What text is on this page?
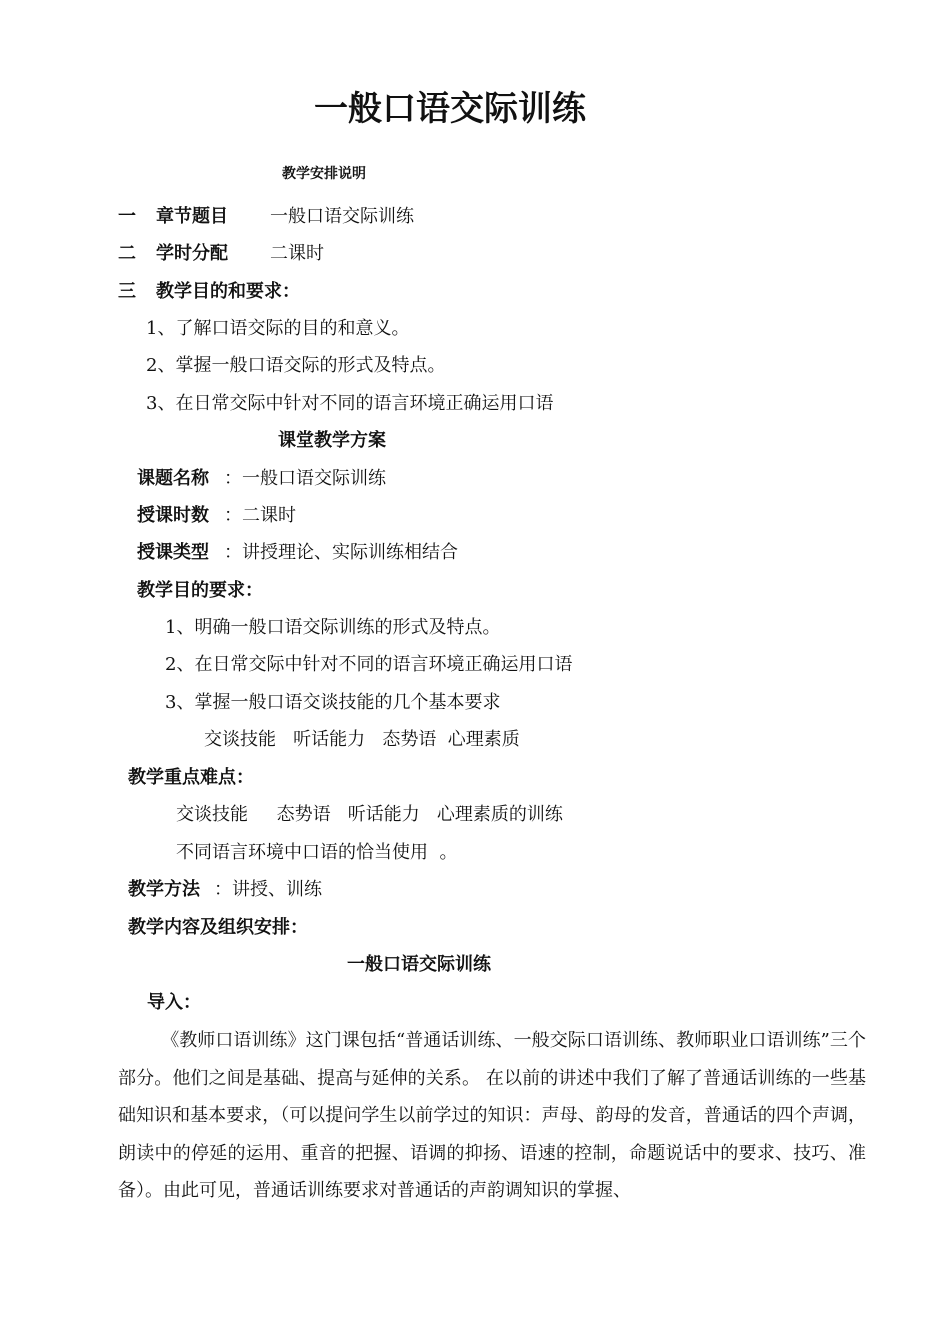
一般口语交际训练
教学安排说明
一 章节题目 一般口语交际训练
二 学时分配 二课时
三 教学目的和要求：
1、了解口语交际的目的和意义。
2、掌握一般口语交际的形式及特点。
3、在日常交际中针对不同的语言环境正确运用口语
课堂教学方案
课题名称 ：一般口语交际训练
授课时数 ：二课时
授课类型 ：讲授理论、实际训练相结合
教学目的要求：
1、明确一般口语交际训练的形式及特点。
2、在日常交际中针对不同的语言环境正确运用口语
3、掌握一般口语交谈技能的几个基本要求
交谈技能   听话能力   态势语  心理素质
教学重点难点：
交谈技能     态势语   听话能力   心理素质的训练
不同语言环境中口语的恰当使用  。
教学方法 ：讲授、训练
教学内容及组织安排：
一般口语交际训练
导入：
《教师口语训练》这门课包括“普通话训练、一般交际口语训练、教师职业口语训练”三个部分。他们之间是基础、提高与延伸的关系。 在以前的讲述中我们了解了普通话训练的一些基础知识和基本要求，（可以提问学生以前学过的知识：声母、韵母的发音，普通话的四个声调，朗读中的停延的运用、重音的把握、语调的抑扬、语速的控制，命题说话中的要求、技巧、准备）。由此可见，普通话训练要求对普通话的声韵调知识的掌握、
